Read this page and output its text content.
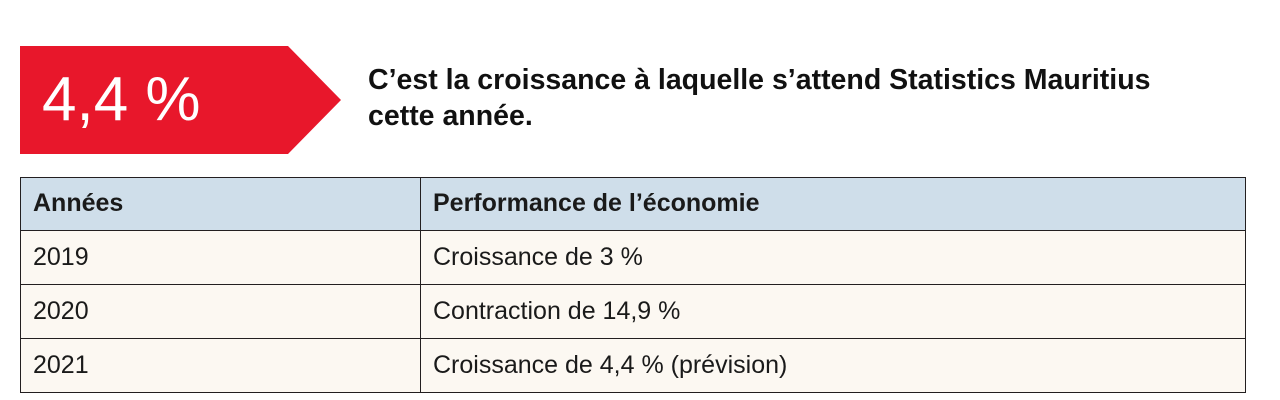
4,4 %	C’est la croissance à laquelle s’attend Statistics Mauritius cette année.
Années	Performance de l’économie
2019	Croissance de 3 %
2020	Contraction de 14,9 %
2021	Croissance de 4,4 % (prévision)
